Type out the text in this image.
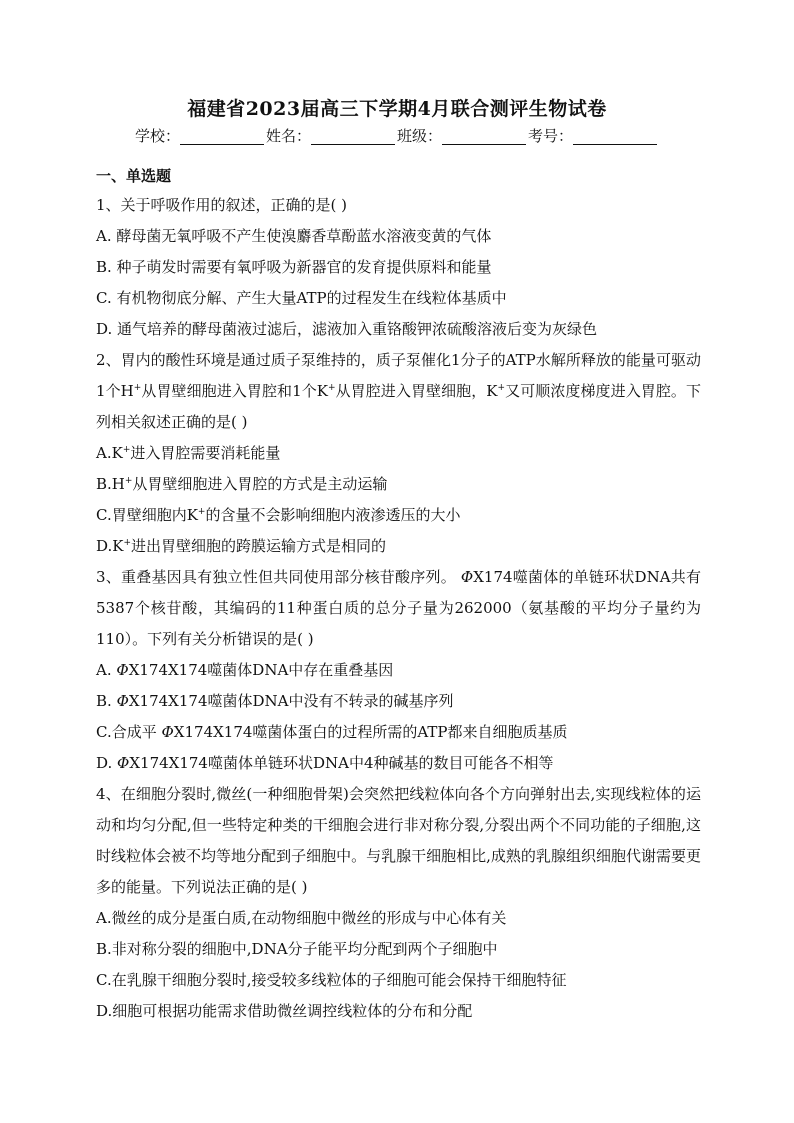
福建省2023届高三下学期4月联合测评生物试卷
学校：	姓名：	班级：	考号：
一、单选题
1、关于呼吸作用的叙述，正确的是( )
A. 酵母菌无氧呼吸不产生使溴麝香草酚蓝水溶液变黄的气体
B. 种子萌发时需要有氧呼吸为新器官的发育提供原料和能量
C. 有机物彻底分解、产生大量ATP的过程发生在线粒体基质中
D. 通气培养的酵母菌液过滤后，滤液加入重铬酸钾浓硫酸溶液后变为灰绿色
2、胃内的酸性环境是通过质子泵维持的，质子泵催化1分子的ATP水解所释放的能量可驱动1个H+从胃壁细胞进入胃腔和1个K+从胃腔进入胃壁细胞，K+又可顺浓度梯度进入胃腔。下列相关叙述正确的是( )
A.K+进入胃腔需要消耗能量
B.H+从胃壁细胞进入胃腔的方式是主动运输
C.胃壁细胞内K+的含量不会影响细胞内液渗透压的大小
D.K+进出胃壁细胞的跨膜运输方式是相同的
3、重叠基因具有独立性但共同使用部分核苷酸序列。 ΦX174噬菌体的单链环状DNA共有5387个核苷酸，其编码的11种蛋白质的总分子量为262000（氨基酸的平均分子量约为110）。下列有关分析错误的是( )
A. ΦX174X174噬菌体DNA中存在重叠基因
B. ΦX174X174噬菌体DNA中没有不转录的碱基序列
C.合成平 ΦX174X174噬菌体蛋白的过程所需的ATP都来自细胞质基质
D. ΦX174X174噬菌体单链环状DNA中4种碱基的数目可能各不相等
4、在细胞分裂时,微丝(一种细胞骨架)会突然把线粒体向各个方向弹射出去,实现线粒体的运动和均匀分配,但一些特定种类的干细胞会进行非对称分裂,分裂出两个不同功能的子细胞,这时线粒体会被不均等地分配到子细胞中。与乳腺干细胞相比,成熟的乳腺组织细胞代谢需要更多的能量。下列说法正确的是( )
A.微丝的成分是蛋白质,在动物细胞中微丝的形成与中心体有关
B.非对称分裂的细胞中,DNA分子能平均分配到两个子细胞中
C.在乳腺干细胞分裂时,接受较多线粒体的子细胞可能会保持干细胞特征
D.细胞可根据功能需求借助微丝调控线粒体的分布和分配
